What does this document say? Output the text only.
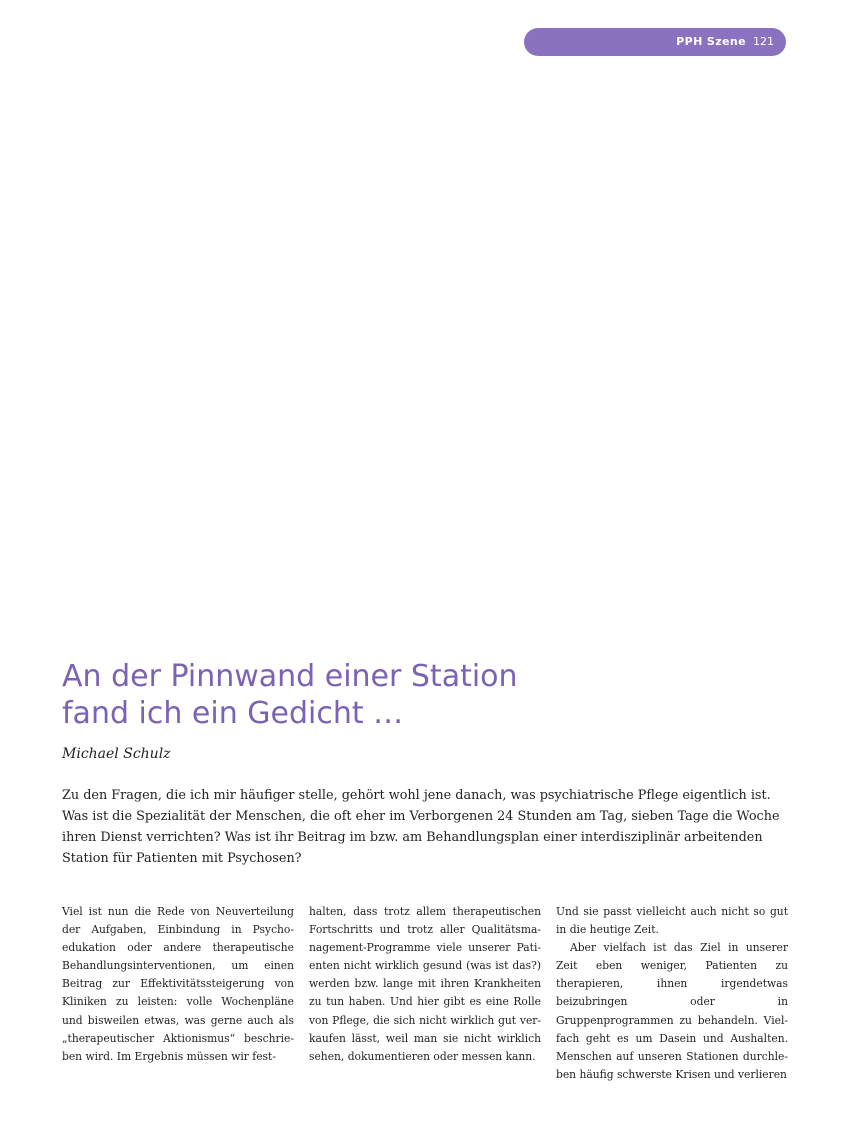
PPH Szene 121
An der Pinnwand einer Station
fand ich ein Gedicht …

Michael Schulz

Zu den Fragen, die ich mir häufiger stelle, gehört wohl jene danach, was psychiatrische Pflege eigentlich ist. Was ist die Spezialität der Menschen, die oft eher im Verborgenen 24 Stunden am Tag, sieben Tage die Woche ihren Dienst verrichten? Was ist ihr Beitrag im bzw. am Behandlungsplan einer interdisziplinär arbeitenden Station für Patienten mit Psychosen?

Viel ist nun die Rede von Neuverteilung der Aufgaben, Einbindung in Psychoedukation oder andere therapeutische Behandlungsinterventionen, um einen Beitrag zur Effektivitätssteigerung von Kliniken zu leisten: volle Wochenpläne und bisweilen etwas, was gerne auch als „therapeutischer Aktionismus“ beschrieben wird. Im Ergebnis müssen wir fest-

halten, dass trotz allem therapeutischen Fortschritts und trotz aller Qualitätsmanagement-Programme viele unserer Patienten nicht wirklich gesund (was ist das?) werden bzw. lange mit ihren Krankheiten zu tun haben. Und hier gibt es eine Rolle von Pflege, die sich nicht wirklich gut verkaufen lässt, weil man sie nicht wirklich sehen, dokumentieren oder messen kann.

Und sie passt vielleicht auch nicht so gut in die heutige Zeit.

Aber vielfach ist das Ziel in unserer Zeit eben weniger, Patienten zu therapieren, ihnen irgendetwas beizubringen oder in Gruppenprogrammen zu behandeln. Vielfach geht es um Dasein und Aushalten. Menschen auf unseren Stationen durchleben häufig schwerste Krisen und verlieren
